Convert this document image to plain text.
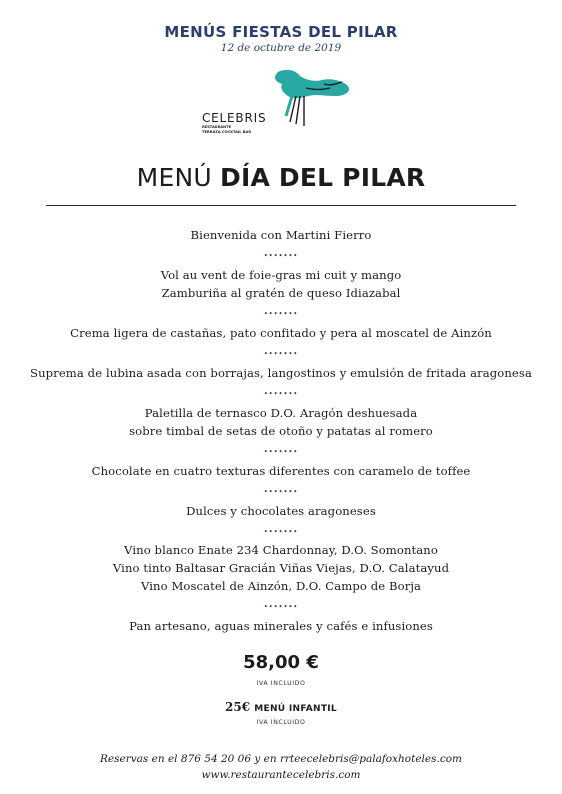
MENÚS FIESTAS DEL PILAR
12 de octubre de 2019
CELEBRIS
RESTAURANTE
TERRAZA COCKTAIL BAR
MENÚ DÍA DEL PILAR
Bienvenida con Martini Fierro
•••••••
Vol au vent de foie-gras mi cuit y mango
Zamburiña al gratén de queso Idiazabal
•••••••
Crema ligera de castañas, pato confitado y pera al moscatel de Ainzón
•••••••
Suprema de lubina asada con borrajas, langostinos y emulsión de fritada aragonesa
•••••••
Paletilla de ternasco D.O. Aragón deshuesada
sobre timbal de setas de otoño y patatas al romero
•••••••
Chocolate en cuatro texturas diferentes con caramelo de toffee
•••••••
Dulces y chocolates aragoneses
•••••••
Vino blanco Enate 234 Chardonnay, D.O. Somontano
Vino tinto Baltasar Gracián Viñas Viejas, D.O. Calatayud
Vino Moscatel de Ainzón, D.O. Campo de Borja
•••••••
Pan artesano, aguas minerales y cafés e infusiones
58,00 €
IVA INCLUIDO
25€ MENÚ INFANTIL
IVA INCLUIDO
Reservas en el 876 54 20 06 y en rrteecelebris@palafoxhoteles.com
www.restaurantecelebris.com
